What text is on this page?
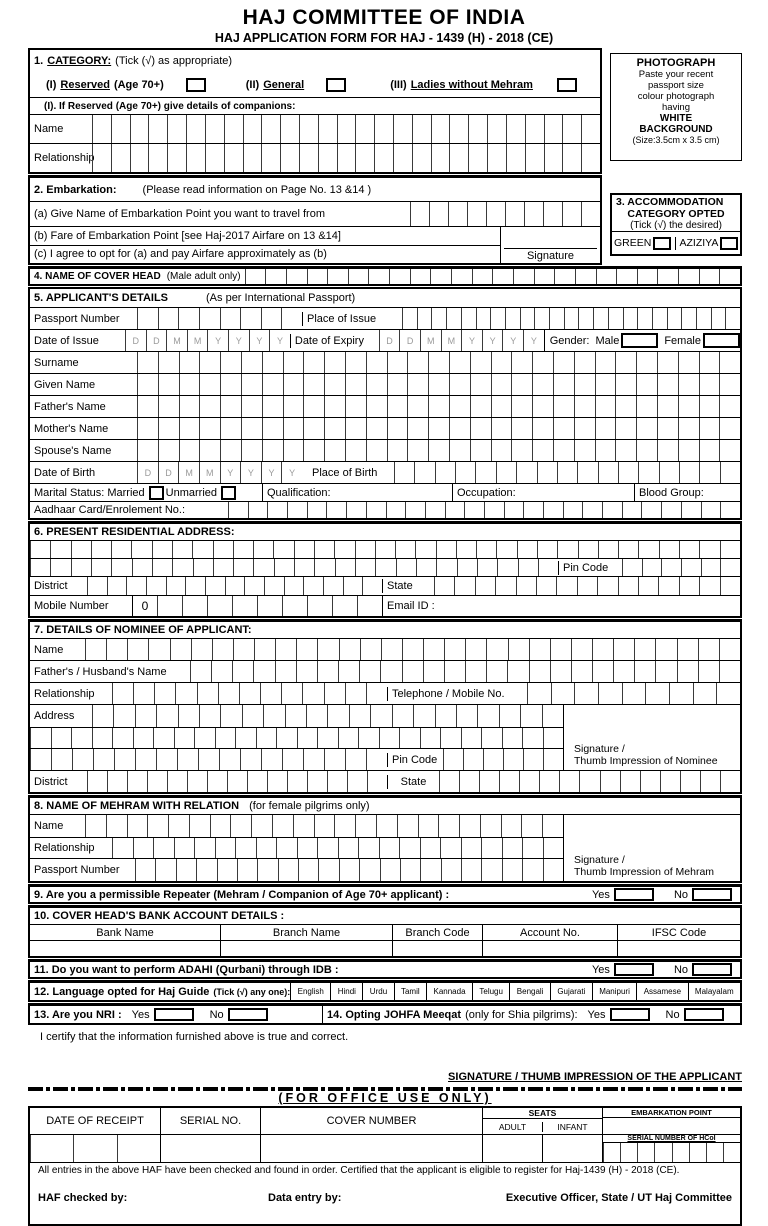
HAJ COMMITTEE OF INDIA
HAJ APPLICATION FORM FOR HAJ - 1439 (H) - 2018 (CE)
1. CATEGORY: (Tick (√) as appropriate)
(I) Reserved (Age 70+)	(II) General	(III) Ladies without Mehram
(I). If Reserved (Age 70+) give details of companions:
Name
Relationship
2. Embarkation:	(Please read information on Page No. 13 &14 )
(a) Give Name of Embarkation Point you want to travel from
(b) Fare of Embarkation Point [see Haj-2017 Airfare on 13 &14]
(c) I agree to opt for (a) and pay Airfare approximately as (b)	Signature
PHOTOGRAPH
Paste your recent
passport size
colour photograph
having
WHITE
BACKGROUND
(Size:3.5cm x 3.5 cm)
3. ACCOMMODATION
CATEGORY OPTED
(Tick (√) the desired)
GREEN	AZIZIYA
4. NAME OF COVER HEAD (Male adult only)
5. APPLICANT'S DETAILS	(As per International Passport)
Passport Number	Place of Issue
Date of Issue	D	D	M	M	Y	Y	Y	Y	Date of Expiry	D	D	M	M	Y	Y	Y	Y	Gender: Male	Female
Surname
Given Name
Father's Name
Mother's Name
Spouse's Name
Date of Birth	D	D	M	M	Y	Y	Y	Y	Place of Birth
Marital Status: Married	Unmarried	Qualification:	Occupation:	Blood Group:
Aadhaar Card/Enrolement No.:
6. PRESENT RESIDENTIAL ADDRESS:
Pin Code
District	State
Mobile Number	0	Email ID :
7. DETAILS OF NOMINEE OF APPLICANT:
Name
Father's / Husband's Name
Relationship	Telephone / Mobile No.
Address
Pin Code
Signature /
Thumb Impression of Nominee
District	State
8. NAME OF MEHRAM WITH RELATION (for female pilgrims only)
Name
Relationship
Passport Number
Signature /
Thumb Impression of Mehram
9. Are you a permissible Repeater (Mehram / Companion of Age 70+ applicant) :	Yes	No
10. COVER HEAD'S BANK ACCOUNT DETAILS :
Bank Name	Branch Name	Branch Code	Account No.	IFSC Code
11. Do you want to perform ADAHI (Qurbani) through IDB :	Yes	No
12. Language opted for Haj Guide (Tick (√) any one): English	Hindi	Urdu	Tamil	Kannada	Telugu	Bengali	Gujarati	Manipuri	Assamese	Malayalam
13. Are you NRI : Yes	No	14. Opting JOHFA Meeqat (only for Shia pilgrims): Yes	No
I certify that the information furnished above is true and correct.
SIGNATURE / THUMB IMPRESSION OF THE APPLICANT
(FOR OFFICE USE ONLY)
DATE OF RECEIPT	SERIAL NO.	COVER NUMBER
SEATS
ADULT	INFANT
EMBARKATION POINT
SERIAL NUMBER OF HCoI
All entries in the above HAF have been checked and found in order. Certified that the applicant is eligible to register for Haj-1439 (H) - 2018 (CE).
HAF checked by:	Data entry by:	Executive Officer, State / UT Haj Committee
